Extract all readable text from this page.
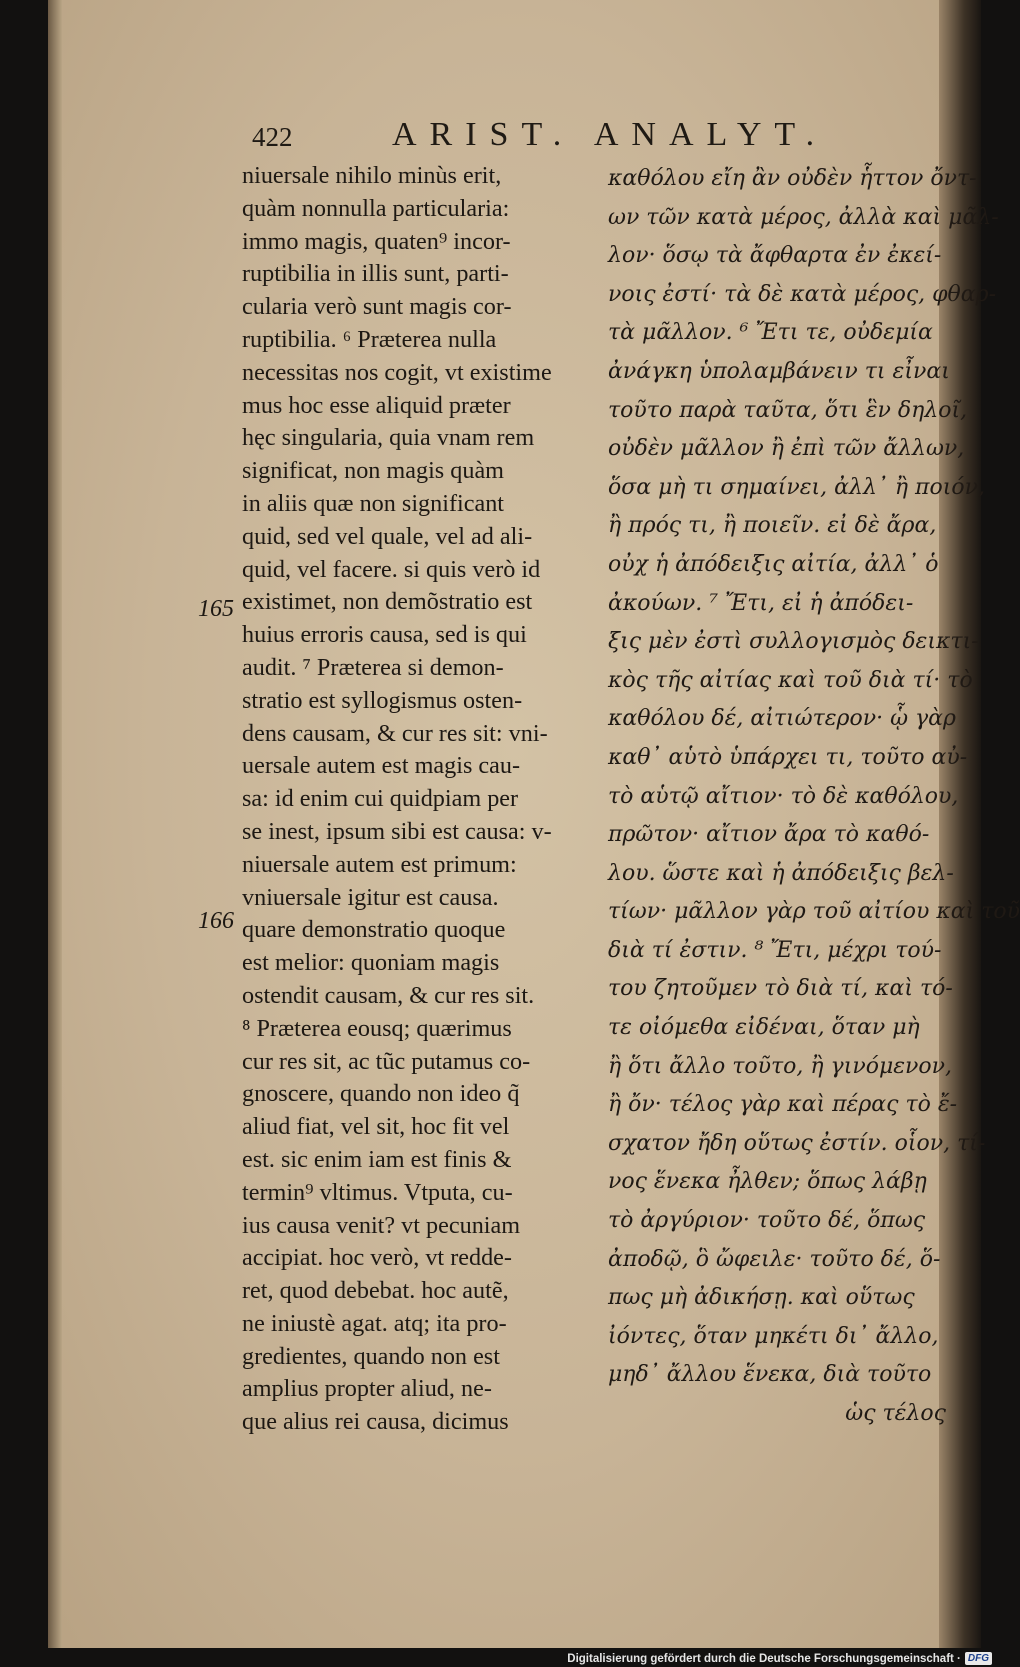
422	ARIST. ANALYT.
niuersale nihilo minùs erit,
quàm nonnulla particularia:
immo magis, quaten⁹ incor-
ruptibilia in illis sunt, parti-
cularia verò sunt magis cor-
ruptibilia. ⁶ Præterea nulla
necessitas nos cogit, vt existime
mus hoc esse aliquid præter
hęc singularia, quia vnam rem
significat, non magis quàm
in aliis quæ non significant
quid, sed vel quale, vel ad ali-
quid, vel facere. si quis verò id
existimet, non demõstratio est
huius erroris causa, sed is qui
audit. ⁷ Præterea si demon-
stratio est syllogismus osten-
dens causam, & cur res sit: vni-
uersale autem est magis cau-
sa: id enim cui quidpiam per
se inest, ipsum sibi est causa: v-
niuersale autem est primum:
vniuersale igitur est causa.
quare demonstratio quoque
est melior: quoniam magis
ostendit causam, & cur res sit.
⁸ Præterea eousq; quærimus
cur res sit, ac tũc putamus co-
gnoscere, quando non ideo q̃
aliud fiat, vel sit, hoc fit vel
est. sic enim iam est finis &
termin⁹ vltimus. Vtputa, cu-
ius causa venit? vt pecuniam
accipiat. hoc verò, vt redde-
ret, quod debebat. hoc autẽ,
ne iniustè agat. atq; ita pro-
gredientes, quando non est
amplius propter aliud, ne-
que alius rei causa, dicimus
165
166
καθόλου εἴη ἂν οὐδὲν ἧττον ὄντ-
ων τῶν κατὰ μέρος, ἀλλὰ καὶ μᾶλ-
λον· ὅσῳ τὰ ἄφθαρτα ἐν ἐκεί-
νοις ἐστί· τὰ δὲ κατὰ μέρος, φθαρ-
τὰ μᾶλλον. ⁶ Ἔτι τε, οὐδεμία
ἀνάγκη ὑπολαμβάνειν τι εἶναι
τοῦτο παρὰ ταῦτα, ὅτι ἓν δηλοῖ,
οὐδὲν μᾶλλον ἢ ἐπὶ τῶν ἄλλων,
ὅσα μὴ τι σημαίνει, ἀλλ᾽ ἢ ποιόν,
ἢ πρός τι, ἢ ποιεῖν. εἰ δὲ ἄρα,
οὐχ ἡ ἀπόδειξις αἰτία, ἀλλ᾽ ὁ
ἀκούων. ⁷ Ἔτι, εἰ ἡ ἀπόδει-
ξις μὲν ἐστὶ συλλογισμὸς δεικτι-
κὸς τῆς αἰτίας καὶ τοῦ διὰ τί· τὸ
καθόλου δέ, αἰτιώτερον· ᾧ γὰρ
καθ᾽ αὑτὸ ὑπάρχει τι, τοῦτο αὐ-
τὸ αὑτῷ αἴτιον· τὸ δὲ καθόλου,
πρῶτον· αἴτιον ἄρα τὸ καθό-
λου. ὥστε καὶ ἡ ἀπόδειξις βελ-
τίων· μᾶλλον γὰρ τοῦ αἰτίου καὶ τοῦ
διὰ τί ἐστιν. ⁸ Ἔτι, μέχρι τού-
του ζητοῦμεν τὸ διὰ τί, καὶ τό-
τε οἰόμεθα εἰδέναι, ὅταν μὴ
ἢ ὅτι ἄλλο τοῦτο, ἢ γινόμενον,
ἢ ὄν· τέλος γὰρ καὶ πέρας τὸ ἔ-
σχατον ἤδη οὕτως ἐστίν. οἷον, τί-
νος ἕνεκα ἦλθεν; ὅπως λάβῃ
τὸ ἀργύριον· τοῦτο δέ, ὅπως
ἀποδῷ, ὃ ὤφειλε· τοῦτο δέ, ὅ-
πως μὴ ἀδικήσῃ. καὶ οὕτως
ἰόντες, ὅταν μηκέτι δι᾽ ἄλλο,
μηδ᾽ ἄλλου ἕνεκα, διὰ τοῦτο
ὡς τέλος
Digitalisierung gefördert durch die Deutsche Forschungsgemeinschaft · DFG
